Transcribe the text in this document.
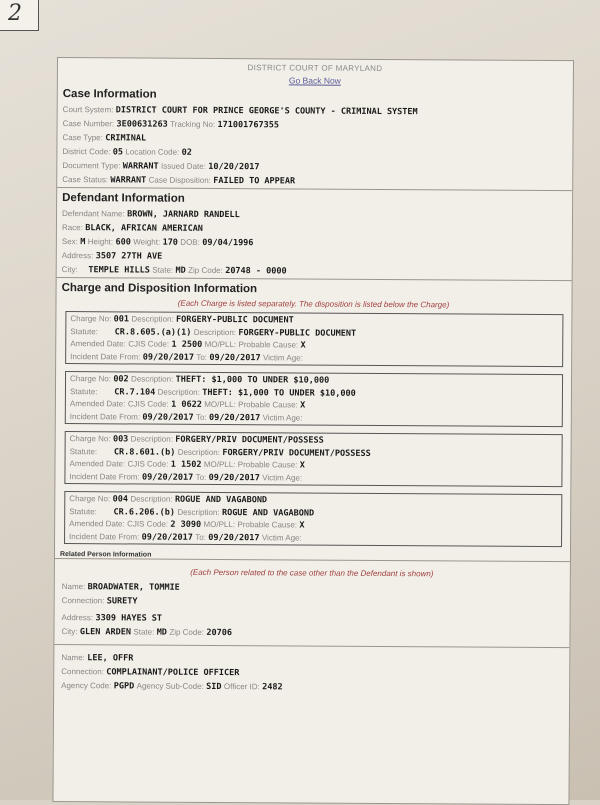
2
DISTRICT COURT OF MARYLAND
Go Back Now
Case Information
Court System: DISTRICT COURT FOR PRINCE GEORGE'S COUNTY - CRIMINAL SYSTEM
Case Number: 3E00631263 Tracking No: 171001767355
Case Type: CRIMINAL
District Code: 05 Location Code: 02
Document Type: WARRANT Issued Date: 10/20/2017
Case Status: WARRANT Case Disposition: FAILED TO APPEAR
Defendant Information
Defendant Name: BROWN, JARNARD RANDELL
Race: BLACK, AFRICAN AMERICAN
Sex: M Height: 600 Weight: 170 DOB: 09/04/1996
Address: 3507 27TH AVE
City: TEMPLE HILLS State: MD Zip Code: 20748 - 0000
Charge and Disposition Information
(Each Charge is listed separately. The disposition is listed below the Charge)
Charge No: 001 Description: FORGERY-PUBLIC DOCUMENT
Statute: CR.8.605.(a)(1) Description: FORGERY-PUBLIC DOCUMENT
Amended Date: CJIS Code: 1 2500 MO/PLL: Probable Cause: X
Incident Date From: 09/20/2017 To: 09/20/2017 Victim Age:
Charge No: 002 Description: THEFT: $1,000 TO UNDER $10,000
Statute: CR.7.104 Description: THEFT: $1,000 TO UNDER $10,000
Amended Date: CJIS Code: 1 0622 MO/PLL: Probable Cause: X
Incident Date From: 09/20/2017 To: 09/20/2017 Victim Age:
Charge No: 003 Description: FORGERY/PRIV DOCUMENT/POSSESS
Statute: CR.8.601.(b) Description: FORGERY/PRIV DOCUMENT/POSSESS
Amended Date: CJIS Code: 1 1502 MO/PLL: Probable Cause: X
Incident Date From: 09/20/2017 To: 09/20/2017 Victim Age:
Charge No: 004 Description: ROGUE AND VAGABOND
Statute: CR.6.206.(b) Description: ROGUE AND VAGABOND
Amended Date: CJIS Code: 2 3090 MO/PLL: Probable Cause: X
Incident Date From: 09/20/2017 To: 09/20/2017 Victim Age:
Related Person Information
(Each Person related to the case other than the Defendant is shown)
Name: BROADWATER, TOMMIE
Connection: SURETY
Address: 3309 HAYES ST
City: GLEN ARDEN State: MD Zip Code: 20706
Name: LEE, OFFR
Connection: COMPLAINANT/POLICE OFFICER
Agency Code: PGPD Agency Sub-Code: SID Officer ID: 2482
